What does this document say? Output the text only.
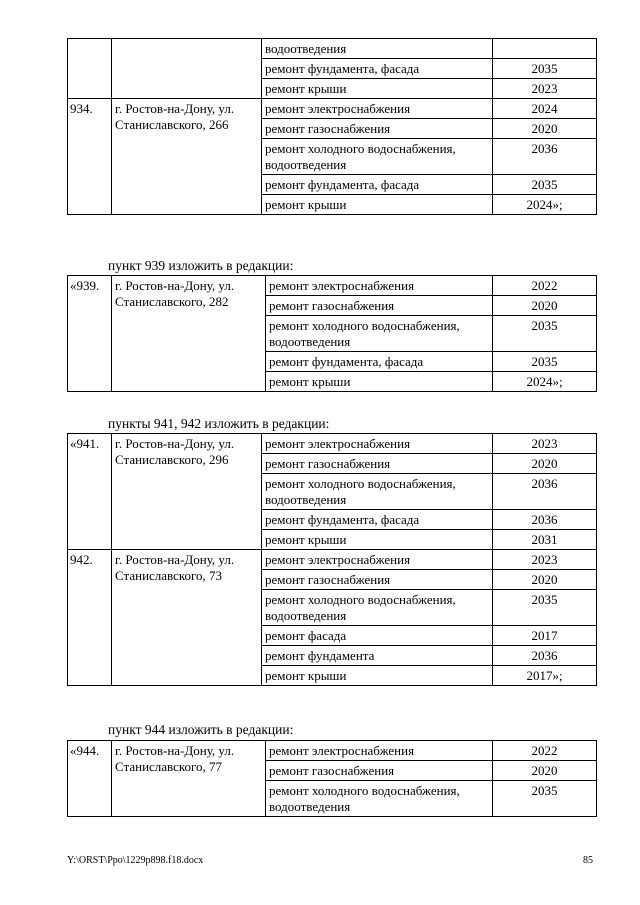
		водоотведения	
		ремонт фундамента, фасада	2035
		ремонт крыши	2023
934.	г. Ростов-на-Дону, ул. Станиславского, 266	ремонт электроснабжения	2024
		ремонт газоснабжения	2020
		ремонт холодного водоснабжения, водоотведения	2036
		ремонт фундамента, фасада	2035
		ремонт крыши	2024»;
пункт 939 изложить в редакции:
«939.	г. Ростов-на-Дону, ул. Станиславского, 282	ремонт электроснабжения	2022
		ремонт газоснабжения	2020
		ремонт холодного водоснабжения, водоотведения	2035
		ремонт фундамента, фасада	2035
		ремонт крыши	2024»;
пункты 941, 942 изложить в редакции:
«941.	г. Ростов-на-Дону, ул. Станиславского, 296	ремонт электроснабжения	2023
		ремонт газоснабжения	2020
		ремонт холодного водоснабжения, водоотведения	2036
		ремонт фундамента, фасада	2036
		ремонт крыши	2031
942.	г. Ростов-на-Дону, ул. Станиславского, 73	ремонт электроснабжения	2023
		ремонт газоснабжения	2020
		ремонт холодного водоснабжения, водоотведения	2035
		ремонт фасада	2017
		ремонт фундамента	2036
		ремонт крыши	2017»;
пункт 944 изложить в редакции:
«944.	г. Ростов-на-Дону, ул. Станиславского, 77	ремонт электроснабжения	2022
		ремонт газоснабжения	2020
		ремонт холодного водоснабжения, водоотведения	2035
Y:\ORST\Ppo\1229p898.f18.docx	85
